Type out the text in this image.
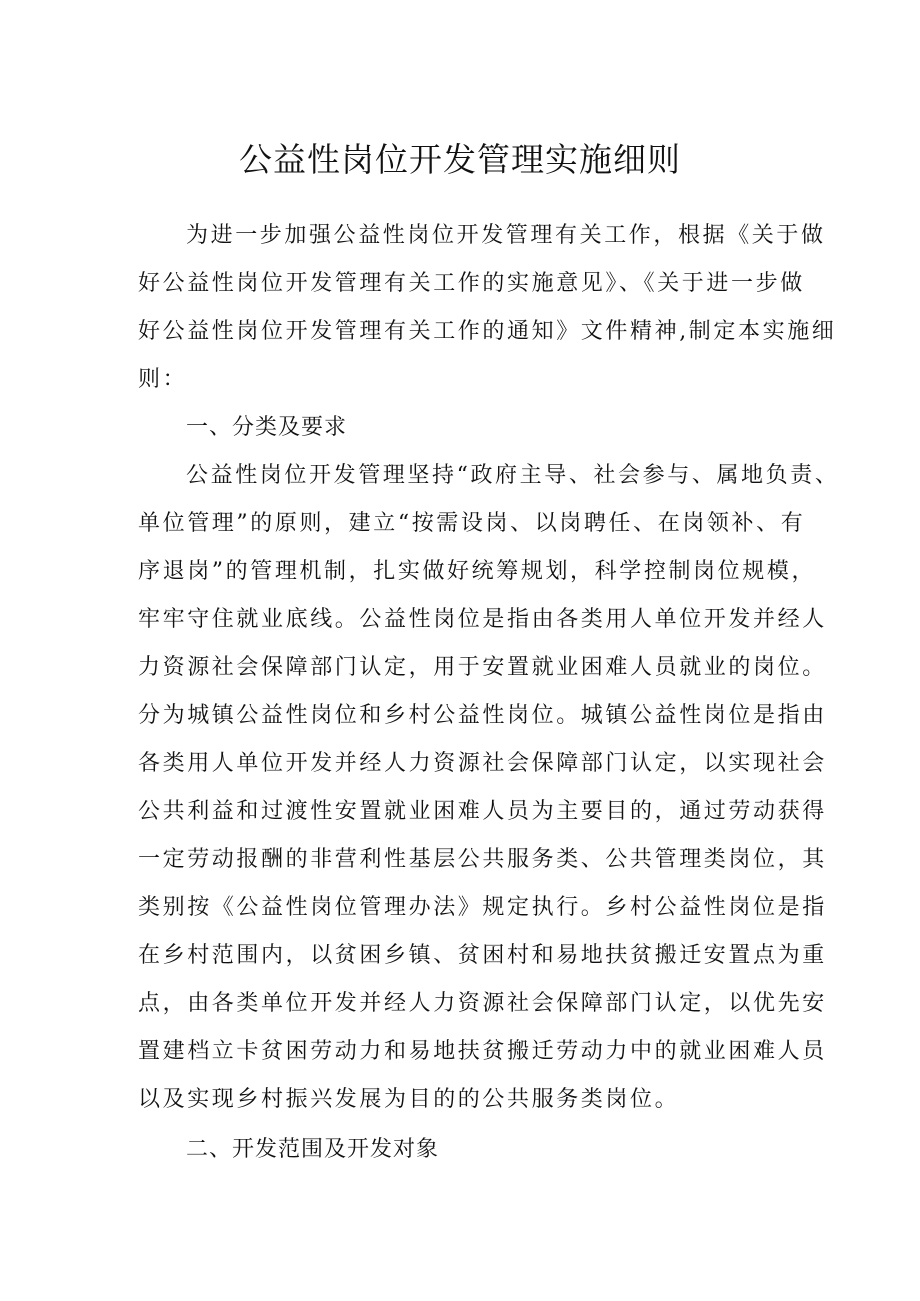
公益性岗位开发管理实施细则
为进一步加强公益性岗位开发管理有关工作，根据《关于做
好公益性岗位开发管理有关工作的实施意见》、《关于进一步做
好公益性岗位开发管理有关工作的通知》文件精神,制定本实施细
则：
一、分类及要求
公益性岗位开发管理坚持“政府主导、社会参与、属地负责、
单位管理”的原则，建立“按需设岗、以岗聘任、在岗领补、有
序退岗”的管理机制，扎实做好统筹规划，科学控制岗位规模，
牢牢守住就业底线。公益性岗位是指由各类用人单位开发并经人
力资源社会保障部门认定，用于安置就业困难人员就业的岗位。
分为城镇公益性岗位和乡村公益性岗位。城镇公益性岗位是指由
各类用人单位开发并经人力资源社会保障部门认定，以实现社会
公共利益和过渡性安置就业困难人员为主要目的，通过劳动获得
一定劳动报酬的非营利性基层公共服务类、公共管理类岗位，其
类别按《公益性岗位管理办法》规定执行。乡村公益性岗位是指
在乡村范围内，以贫困乡镇、贫困村和易地扶贫搬迁安置点为重
点，由各类单位开发并经人力资源社会保障部门认定，以优先安
置建档立卡贫困劳动力和易地扶贫搬迁劳动力中的就业困难人员
以及实现乡村振兴发展为目的的公共服务类岗位。
二、开发范围及开发对象
